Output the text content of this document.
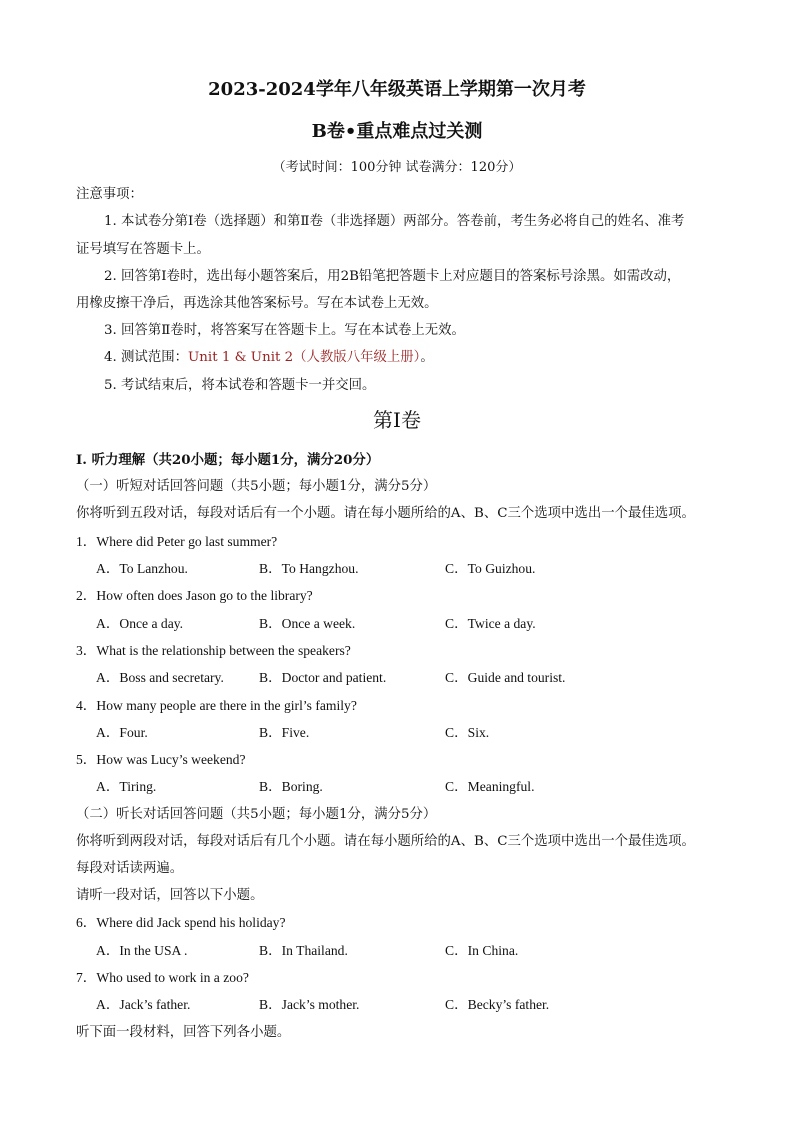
2023-2024学年八年级英语上学期第一次月考
B卷•重点难点过关测
（考试时间：100分钟 试卷满分：120分）
注意事项：
1. 本试卷分第Ⅰ卷（选择题）和第Ⅱ卷（非选择题）两部分。答卷前，考生务必将自己的姓名、准考
证号填写在答题卡上。
2. 回答第Ⅰ卷时，选出每小题答案后，用2B铅笔把答题卡上对应题目的答案标号涂黑。如需改动，
用橡皮擦干净后，再选涂其他答案标号。写在本试卷上无效。
3. 回答第Ⅱ卷时，将答案写在答题卡上。写在本试卷上无效。
4. 测试范围：Unit 1 & Unit 2（人教版八年级上册）。
5. 考试结束后，将本试卷和答题卡一并交回。
第Ⅰ卷
I. 听力理解（共20小题；每小题1分，满分20分）
（一）听短对话回答问题（共5小题；每小题1分，满分5分）
你将听到五段对话，每段对话后有一个小题。请在每小题所给的A、B、C三个选项中选出一个最佳选项。
1．Where did Peter go last summer?
A．To Lanzhou.	B．To Hangzhou.	C．To Guizhou.
2．How often does Jason go to the library?
A．Once a day.	B．Once a week.	C．Twice a day.
3．What is the relationship between the speakers?
A．Boss and secretary.	B．Doctor and patient.	C．Guide and tourist.
4．How many people are there in the girl’s family?
A．Four.	B．Five.	C．Six.
5．How was Lucy’s weekend?
A．Tiring.	B．Boring.	C．Meaningful.
（二）听长对话回答问题（共5小题；每小题1分，满分5分）
你将听到两段对话，每段对话后有几个小题。请在每小题所给的A、B、C三个选项中选出一个最佳选项。
每段对话读两遍。
请听一段对话，回答以下小题。
6．Where did Jack spend his holiday?
A．In the USA .	B．In Thailand.	C．In China.
7．Who used to work in a zoo?
A．Jack’s father.	B．Jack’s mother.	C．Becky’s father.
听下面一段材料，回答下列各小题。
